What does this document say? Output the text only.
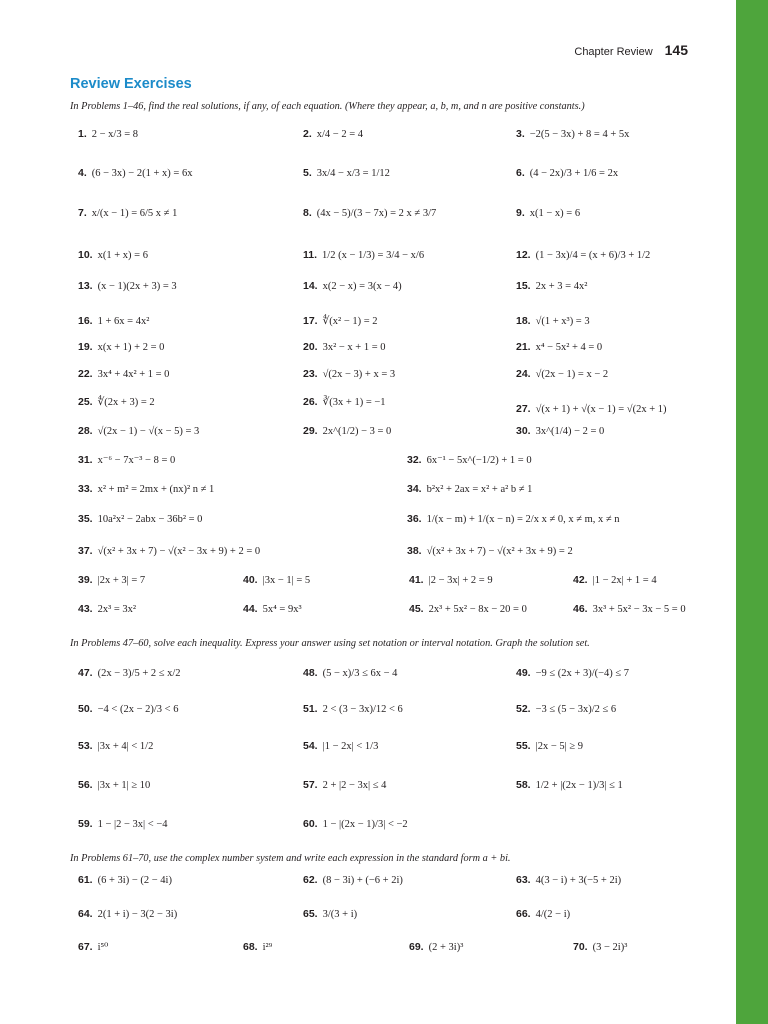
Chapter Review 145
Review Exercises

In Problems 1–46, find the real solutions, if any, of each equation. (Where they appear, a, b, m, and n are positive constants.)

1. 2 − x/3 = 8	2. x/4 − 2 = 4	3. −2(5 − 3x) + 8 = 4 + 5x
4. (6 − 3x) − 2(1 + x) = 6x	5. 3x/4 − x/3 = 1/12	6. (4 − 2x)/3 + 1/6 = 2x
7. x/(x − 1) = 6/5 x ≠ 1	8. (4x − 5)/(3 − 7x) = 2 x ≠ 3/7	9. x(1 − x) = 6
10. x(1 + x) = 6	11. 1/2 (x − 1/3) = 3/4 − x/6	12. (1 − 3x)/4 = (x + 6)/3 + 1/2
13. (x − 1)(2x + 3) = 3	14. x(2 − x) = 3(x − 4)	15. 2x + 3 = 4x²
16. 1 + 6x = 4x²	17. ∜(x² − 1) = 2	18. √(1 + x³) = 3
19. x(x + 1) + 2 = 0	20. 3x² − x + 1 = 0	21. x⁴ − 5x² + 4 = 0
22. 3x⁴ + 4x² + 1 = 0	23. √(2x − 3) + x = 3	24. √(2x − 1) = x − 2
25. ∜(2x + 3) = 2	26. ∛(3x + 1) = −1
27. √(x + 1) + √(x − 1) = √(2x + 1)
28. √(2x − 1) − √(x − 5) = 3	29. 2x^(1/2) − 3 = 0	30. 3x^(1/4) − 2 = 0
31. x⁻⁶ − 7x⁻³ − 8 = 0	32. 6x⁻¹ − 5x^(−1/2) + 1 = 0
33. x² + m² = 2mx + (nx)² n ≠ 1	34. b²x² + 2ax = x² + a² b ≠ 1
35. 10a²x² − 2abx − 36b² = 0	36. 1/(x − m) + 1/(x − n) = 2/x x ≠ 0, x ≠ m, x ≠ n
37. √(x² + 3x + 7) − √(x² − 3x + 9) + 2 = 0	38. √(x² + 3x + 7) − √(x² + 3x + 9) = 2
39. |2x + 3| = 7	40. |3x − 1| = 5	41. |2 − 3x| + 2 = 9	42. |1 − 2x| + 1 = 4
43. 2x³ = 3x²	44. 5x⁴ = 9x³	45. 2x³ + 5x² − 8x − 20 = 0	46. 3x³ + 5x² − 3x − 5 = 0

In Problems 47–60, solve each inequality. Express your answer using set notation or interval notation. Graph the solution set.

47. (2x − 3)/5 + 2 ≤ x/2	48. (5 − x)/3 ≤ 6x − 4	49. −9 ≤ (2x + 3)/(−4) ≤ 7
50. −4 < (2x − 2)/3 < 6	51. 2 < (3 − 3x)/12 < 6	52. −3 ≤ (5 − 3x)/2 ≤ 6
53. |3x + 4| < 1/2	54. |1 − 2x| < 1/3	55. |2x − 5| ≥ 9
56. |3x + 1| ≥ 10	57. 2 + |2 − 3x| ≤ 4	58. 1/2 + |(2x − 1)/3| ≤ 1
59. 1 − |2 − 3x| < −4	60. 1 − |(2x − 1)/3| < −2

In Problems 61–70, use the complex number system and write each expression in the standard form a + bi.

61. (6 + 3i) − (2 − 4i)	62. (8 − 3i) + (−6 + 2i)	63. 4(3 − i) + 3(−5 + 2i)
64. 2(1 + i) − 3(2 − 3i)	65. 3/(3 + i)	66. 4/(2 − i)
67. i⁵⁰	68. i²⁹	69. (2 + 3i)³	70. (3 − 2i)³
